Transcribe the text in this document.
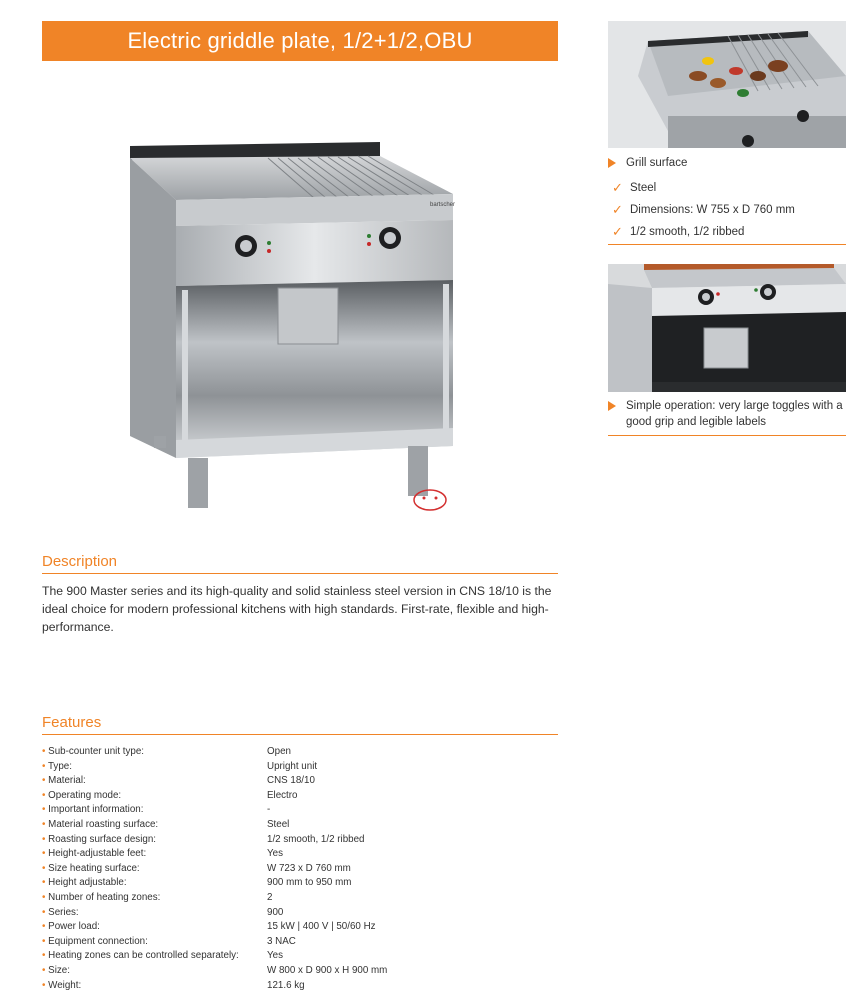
Electric griddle plate, 1/2+1/2,OBU
bartscher
Description

The 900 Master series and its high-quality and solid stainless steel version in CNS 18/10 is the ideal choice for modern professional kitchens with high standards. First-rate, flexible and high-performance.

Features
• Sub-counter unit type:	Open
• Type:	Upright unit
• Material:	CNS 18/10
• Operating mode:	Electro
• Important information:	-
• Material roasting surface:	Steel
• Roasting surface design:	1/2 smooth, 1/2 ribbed
• Height-adjustable feet:	Yes
• Size heating surface:	W 723 x D 760 mm
• Height adjustable:	900 mm to 950 mm
• Number of heating zones:	2
• Series:	900
• Power load:	15 kW | 400 V | 50/60 Hz
• Equipment connection:	3 NAC
• Heating zones can be controlled separately:	Yes
• Size:	W 800 x D 900 x H 900 mm
• Weight:	121.6 kg
Grill surface
✓ Steel
✓ Dimensions: W 755 x D 760 mm
✓ 1/2 smooth, 1/2 ribbed
Simple operation: very large toggles with a good grip and legible labels
